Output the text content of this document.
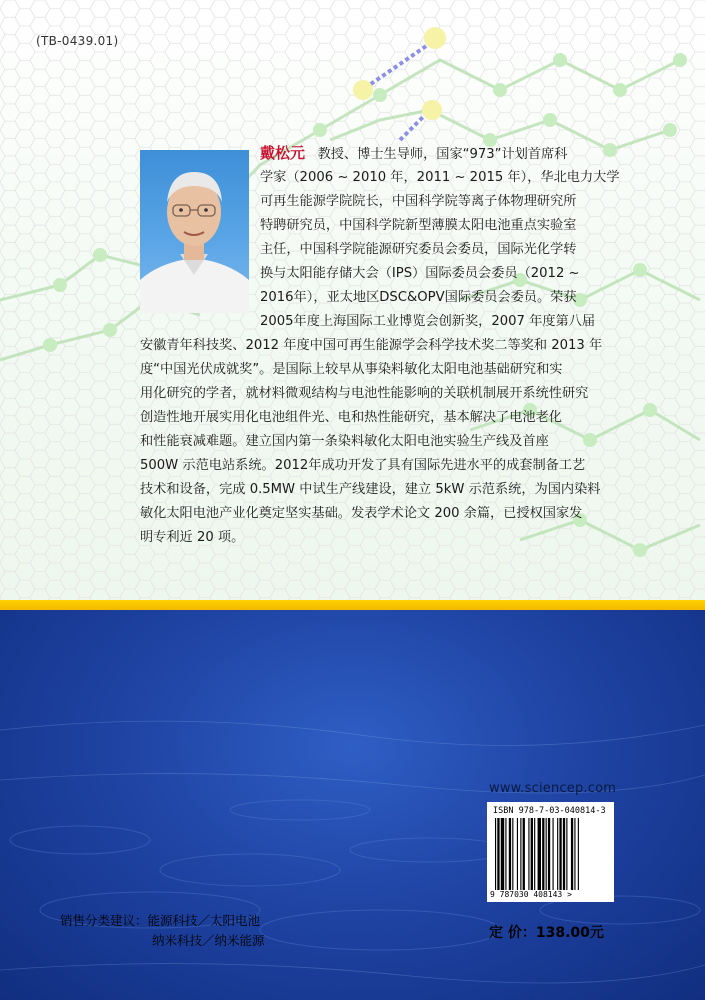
(TB-0439.01)
戴松元 教授、博士生导师，国家“973”计划首席科
学家（2006 ~ 2010 年，2011 ~ 2015 年），华北电力大学
可再生能源学院院长，中国科学院等离子体物理研究所
特聘研究员，中国科学院新型薄膜太阳电池重点实验室
主任，中国科学院能源研究委员会委员，国际光化学转
换与太阳能存储大会（IPS）国际委员会委员（2012 ~
2016年），亚太地区DSC&OPV国际委员会委员。荣获
2005年度上海国际工业博览会创新奖，2007 年度第八届
安徽青年科技奖、2012 年度中国可再生能源学会科学技术奖二等奖和 2013 年
度“中国光伏成就奖”。是国际上较早从事染料敏化太阳电池基础研究和实
用化研究的学者，就材料微观结构与电池性能影响的关联机制展开系统性研究
创造性地开展实用化电池组件光、电和热性能研究，基本解决了电池老化
和性能衰减难题。建立国内第一条染料敏化太阳电池实验生产线及首座
500W 示范电站系统。2012年成功开发了具有国际先进水平的成套制备工艺
技术和设备，完成 0.5MW 中试生产线建设，建立 5kW 示范系统，为国内染料
敏化太阳电池产业化奠定坚实基础。发表学术论文 200 余篇，已授权国家发
明专利近 20 项。
www.sciencep.com
ISBN 978-7-03-040814-3
9 787030 408143 >
定 价：138.00元
销售分类建议：能源科技／太阳电池
纳米科技／纳米能源
